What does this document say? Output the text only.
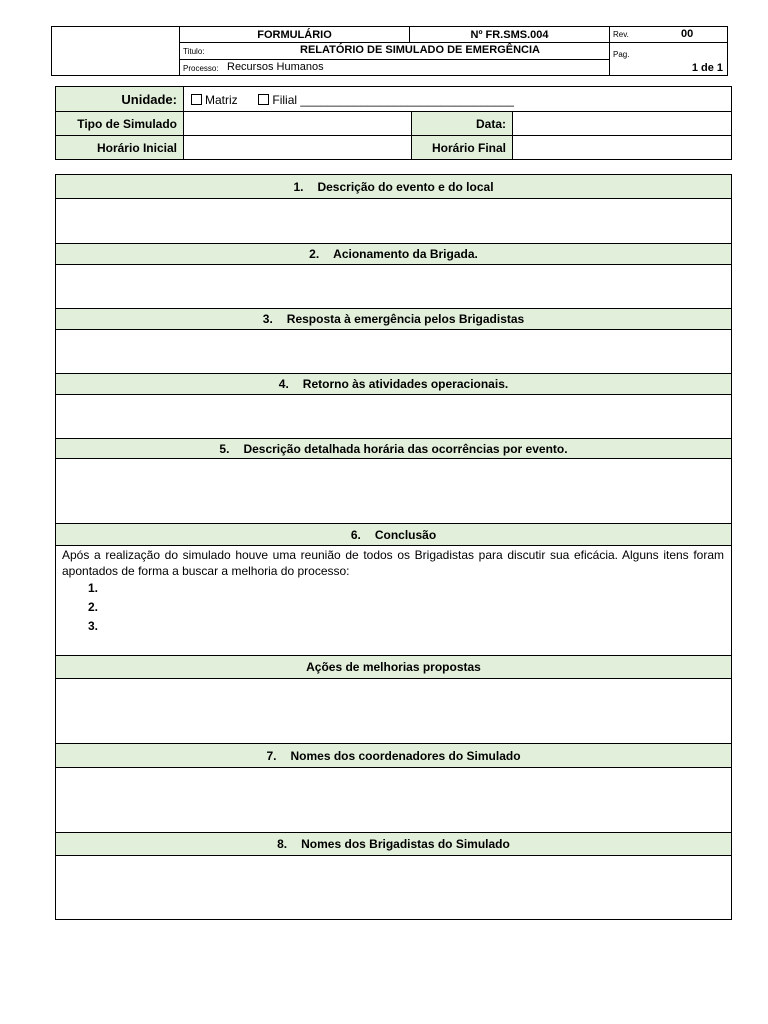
FORMULÁRIO	Nº FR.SMS.004	Rev.	00
Titulo:	RELATÓRIO DE SIMULADO DE EMERGÊNCIA	Pag.
1 de 1
Processo: Recursos Humanos
Unidade:	Matriz	Filial ________________________________
Tipo de Simulado	Data:
Horário Inicial	Horário Final
1. Descrição do evento e do local
2. Acionamento da Brigada.
3. Resposta à emergência pelos Brigadistas
4. Retorno às atividades operacionais.
5. Descrição detalhada horária das ocorrências por evento.
6. Conclusão
Após a realização do simulado houve uma reunião de todos os Brigadistas para discutir sua eficácia. Alguns itens foram apontados de forma a buscar a melhoria do processo:
1.
2.
3.
Ações de melhorias propostas
7. Nomes dos coordenadores do Simulado
8. Nomes dos Brigadistas do Simulado
